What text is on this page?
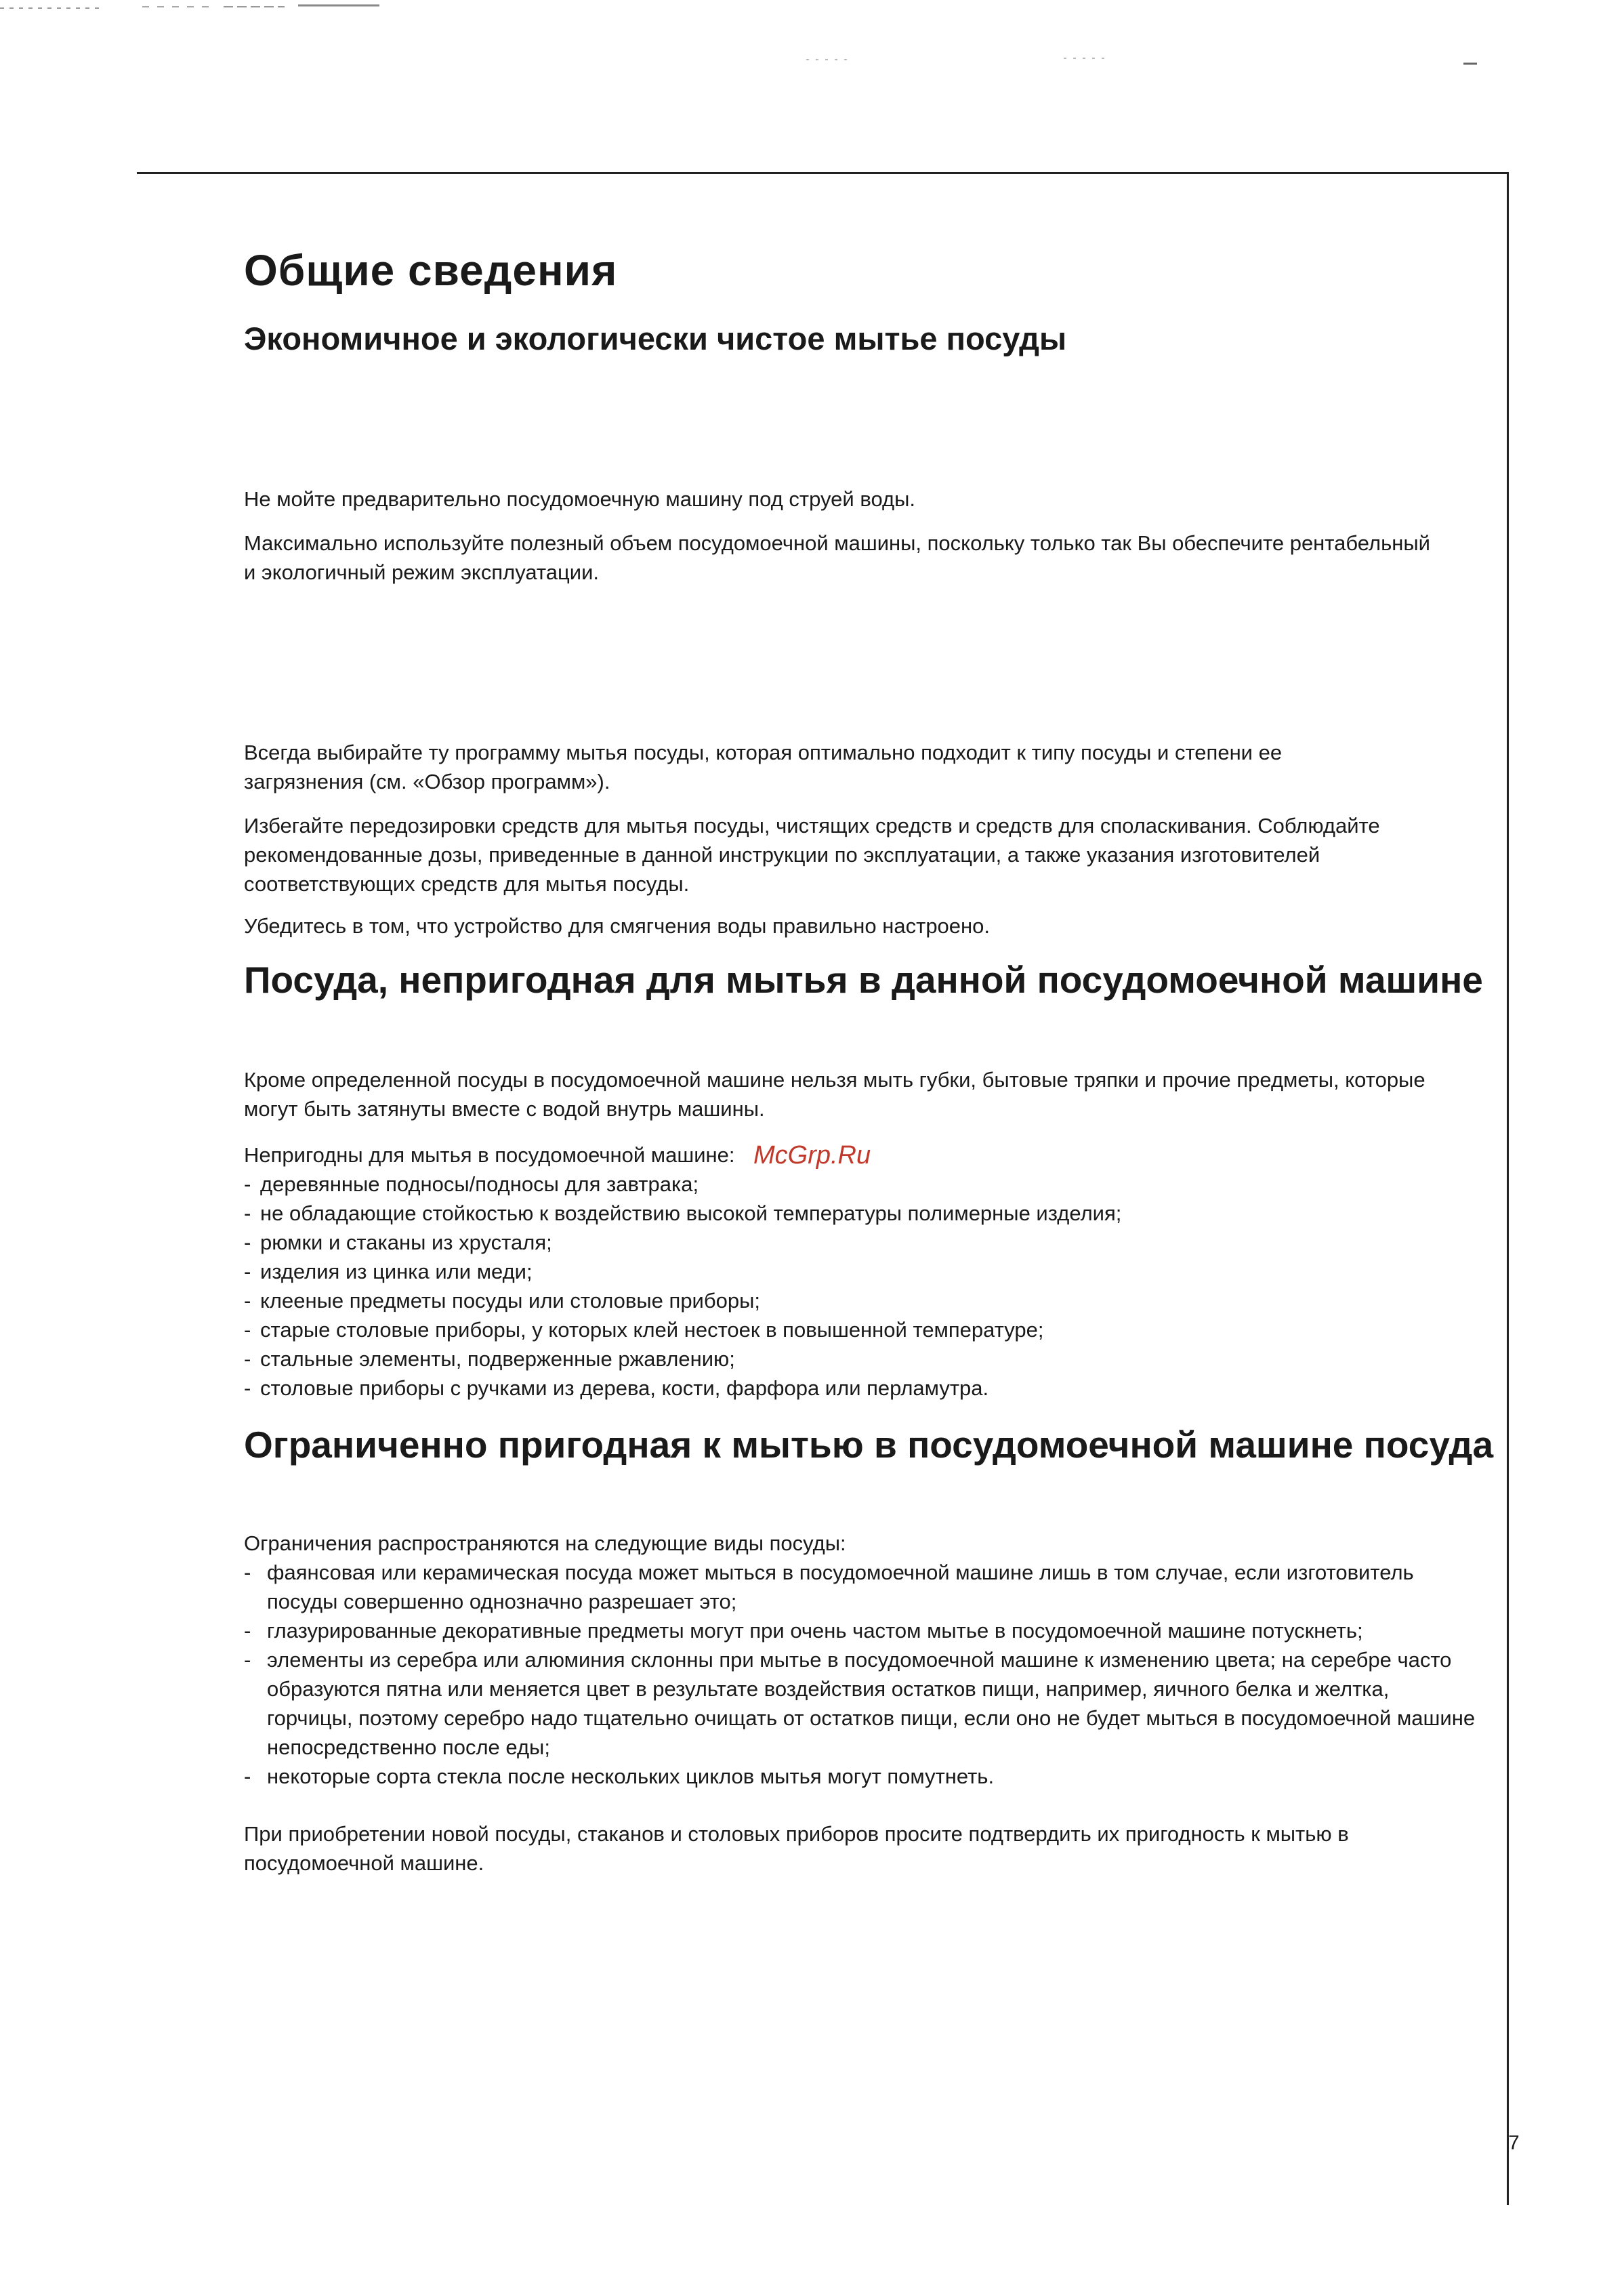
Общие сведения
Экономичное и экологически чистое мытье посуды
Не мойте предварительно посудомоечную машину под струей воды.
Максимально используйте полезный объем посудомоечной машины, поскольку только так Вы обеспечите рентабельный и экологичный режим эксплуатации.
Всегда выбирайте ту программу мытья посуды, которая оптимально подходит к типу посуды и степени ее загрязнения (см. «Обзор программ»).
Избегайте передозировки средств для мытья посуды, чистящих средств и средств для споласкивания. Соблюдайте рекомендованные дозы, приведенные в данной инструкции по эксплуатации, а также указания изготовителей соответствующих средств для мытья посуды.
Убедитесь в том, что устройство для смягчения воды правильно настроено.
Посуда, непригодная для мытья в данной посудомоечной машине
Кроме определенной посуды в посудомоечной машине нельзя мыть губки, бытовые тряпки и прочие предметы, которые могут быть затянуты вместе с водой внутрь машины.
Непригодны для мытья в посудомоечной машине:
- деревянные подносы/подносы для завтрака;
- не обладающие стойкостью к воздействию высокой температуры полимерные изделия;
- рюмки и стаканы из хрусталя;
- изделия из цинка или меди;
- клееные предметы посуды или столовые приборы;
- старые столовые приборы, у которых клей нестоек в повышенной температуре;
- стальные элементы, подверженные ржавлению;
- столовые приборы с ручками из дерева, кости, фарфора или перламутра.
McGrp.Ru
Ограниченно пригодная к мытью в посудомоечной машине посуда
Ограничения распространяются на следующие виды посуды:
- фаянсовая или керамическая посуда может мыться в посудомоечной машине лишь в том случае, если изготовитель посуды совершенно однозначно разрешает это;
- глазурированные декоративные предметы могут при очень частом мытье в посудомоечной машине потускнеть;
- элементы из серебра или алюминия склонны при мытье в посудомоечной машине к изменению цвета; на серебре часто образуются пятна или меняется цвет в результате воздействия остатков пищи, например, яичного белка и желтка, горчицы, поэтому серебро надо тщательно очищать от остатков пищи, если оно не будет мыться в посудомоечной машине непосредственно после еды;
- некоторые сорта стекла после нескольких циклов мытья могут помутнеть.
При приобретении новой посуды, стаканов и столовых приборов просите подтвердить их пригодность к мытью в посудомоечной машине.
7
